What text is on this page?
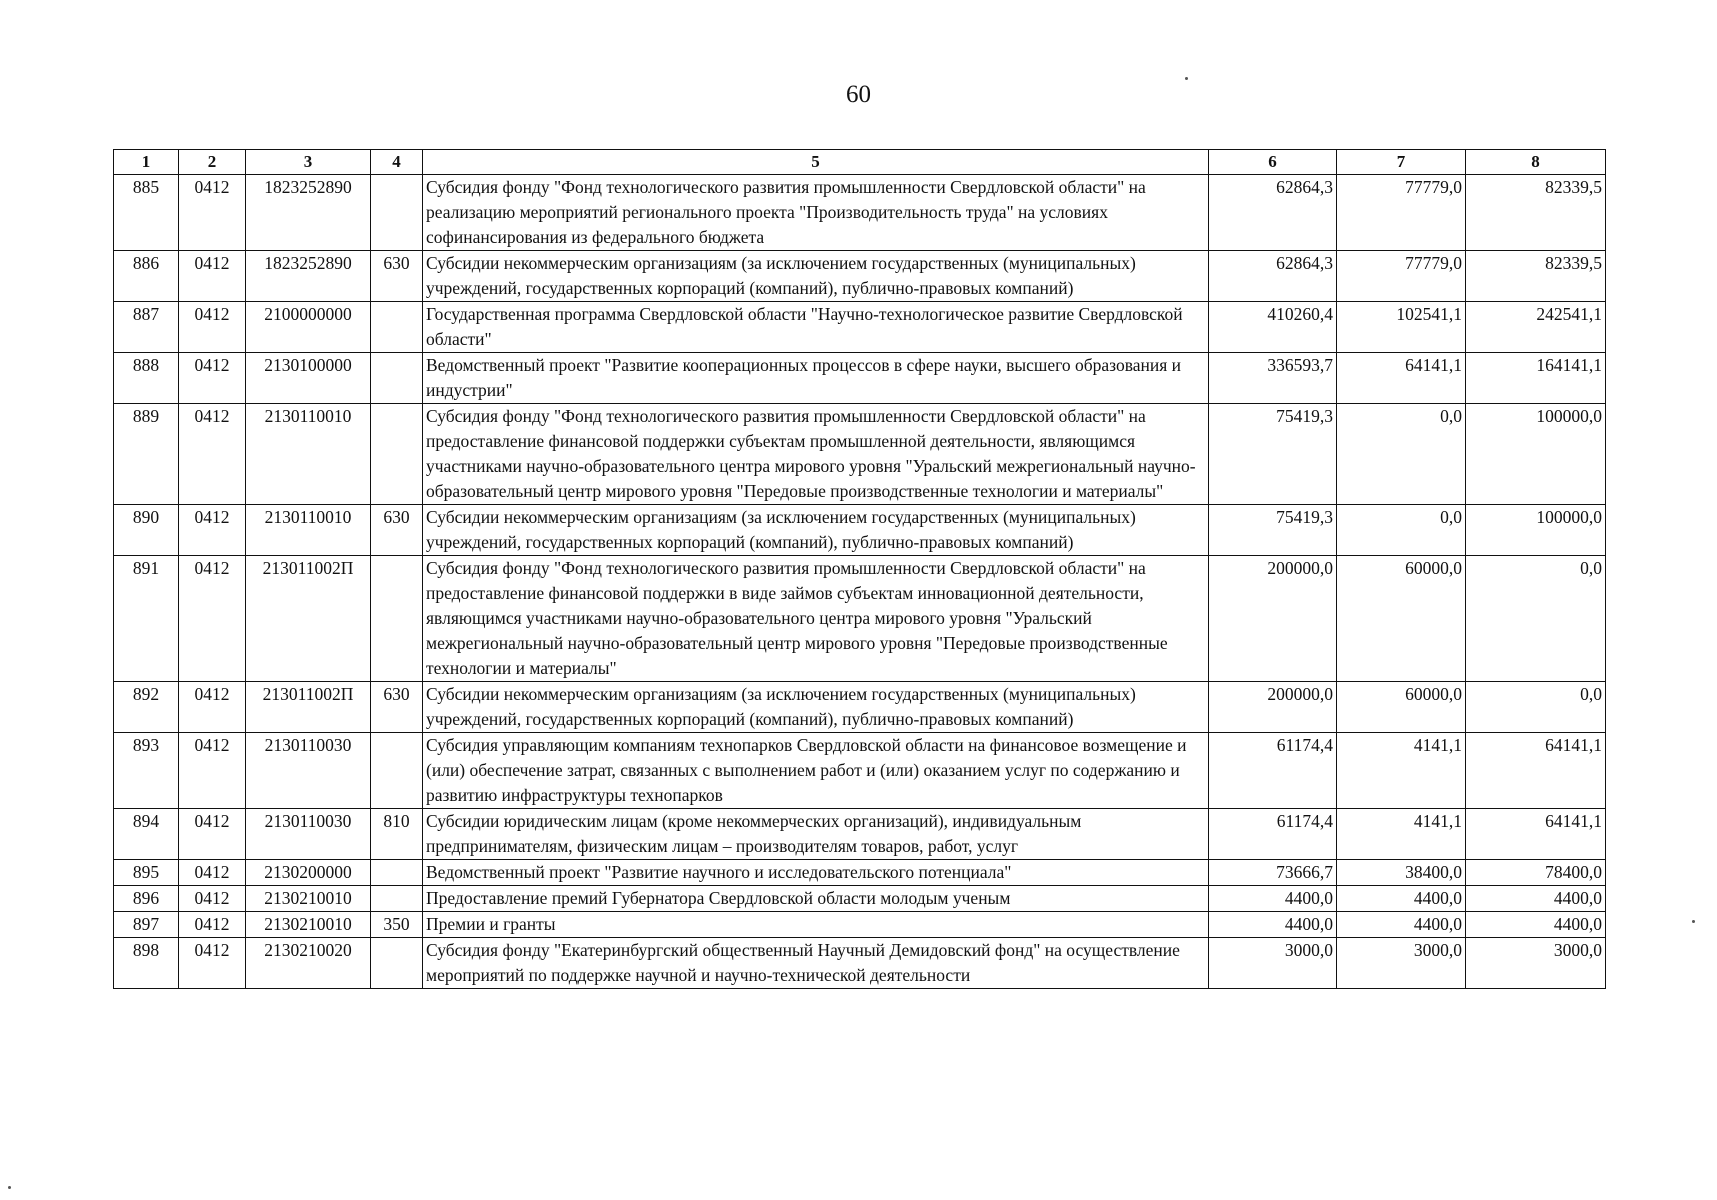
60
1	2	3	4	5	6	7	8
885	0412	1823252890		Субсидия фонду "Фонд технологического развития промышленности Свердловской области" на реализацию мероприятий регионального проекта "Производительность труда" на условиях софинансирования из федерального бюджета	62864,3	77779,0	82339,5
886	0412	1823252890	630	Субсидии некоммерческим организациям (за исключением государственных (муниципальных) учреждений, государственных корпораций (компаний), публично-правовых компаний)	62864,3	77779,0	82339,5
887	0412	2100000000		Государственная программа Свердловской области "Научно-технологическое развитие Свердловской области"	410260,4	102541,1	242541,1
888	0412	2130100000		Ведомственный проект "Развитие кооперационных процессов в сфере науки, высшего образования и индустрии"	336593,7	64141,1	164141,1
889	0412	2130110010		Субсидия фонду "Фонд технологического развития промышленности Свердловской области" на предоставление финансовой поддержки субъектам промышленной деятельности, являющимся участниками научно-образовательного центра мирового уровня "Уральский межрегиональный научно-образовательный центр мирового уровня "Передовые производственные технологии и материалы"	75419,3	0,0	100000,0
890	0412	2130110010	630	Субсидии некоммерческим организациям (за исключением государственных (муниципальных) учреждений, государственных корпораций (компаний), публично-правовых компаний)	75419,3	0,0	100000,0
891	0412	213011002П		Субсидия фонду "Фонд технологического развития промышленности Свердловской области" на предоставление финансовой поддержки в виде займов субъектам инновационной деятельности, являющимся участниками научно-образовательного центра мирового уровня "Уральский межрегиональный научно-образовательный центр мирового уровня "Передовые производственные технологии и материалы"	200000,0	60000,0	0,0
892	0412	213011002П	630	Субсидии некоммерческим организациям (за исключением государственных (муниципальных) учреждений, государственных корпораций (компаний), публично-правовых компаний)	200000,0	60000,0	0,0
893	0412	2130110030		Субсидия управляющим компаниям технопарков Свердловской области на финансовое возмещение и (или) обеспечение затрат, связанных с выполнением работ и (или) оказанием услуг по содержанию и развитию инфраструктуры технопарков	61174,4	4141,1	64141,1
894	0412	2130110030	810	Субсидии юридическим лицам (кроме некоммерческих организаций), индивидуальным предпринимателям, физическим лицам – производителям товаров, работ, услуг	61174,4	4141,1	64141,1
895	0412	2130200000		Ведомственный проект "Развитие научного и исследовательского потенциала"	73666,7	38400,0	78400,0
896	0412	2130210010		Предоставление премий Губернатора Свердловской области молодым ученым	4400,0	4400,0	4400,0
897	0412	2130210010	350	Премии и гранты	4400,0	4400,0	4400,0
898	0412	2130210020		Субсидия фонду "Екатеринбургский общественный Научный Демидовский фонд" на осуществление мероприятий по поддержке научной и научно-технической деятельности	3000,0	3000,0	3000,0
